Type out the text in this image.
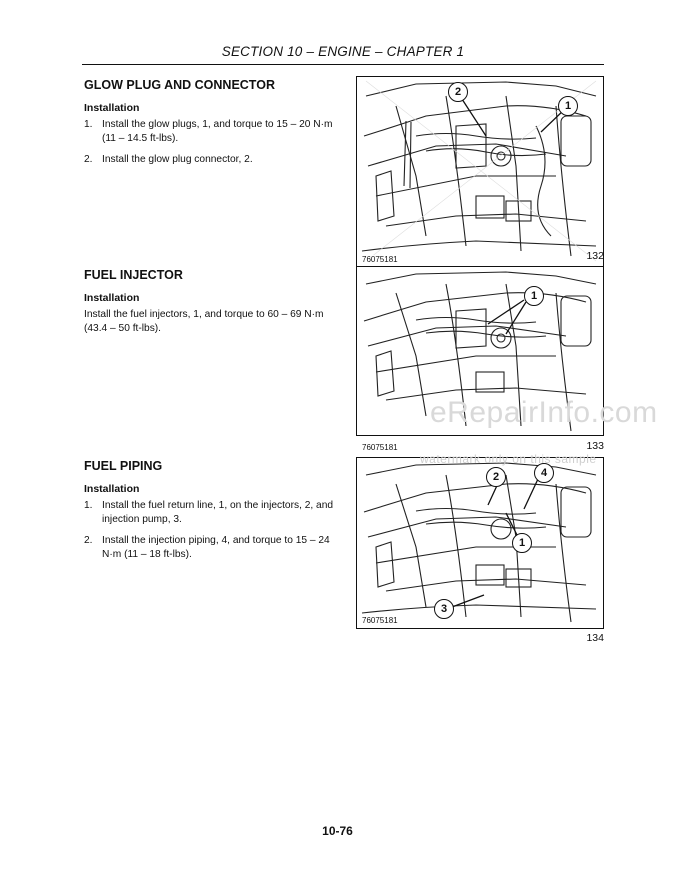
SECTION 10 – ENGINE – CHAPTER 1
GLOW PLUG AND CONNECTOR
Installation
1. Install the glow plugs, 1, and torque to 15 – 20 N·m (11 – 14.5 ft-lbs).
2. Install the glow plug connector, 2.
FUEL INJECTOR
Installation
Install the fuel injectors, 1, and torque to 60 – 69 N·m (43.4 – 50 ft-lbs).
FUEL PIPING
Installation
1. Install the fuel return line, 1, on the injectors, 2, and injection pump, 3.
2. Install the injection piping, 4, and torque to 15 – 24 N·m (11 – 18 ft-lbs).
2
1
76075181	132
1
76075181	133
2	4
1
3
76075181
134
eRepairInfo.com
watermark only on this sample
10-76
